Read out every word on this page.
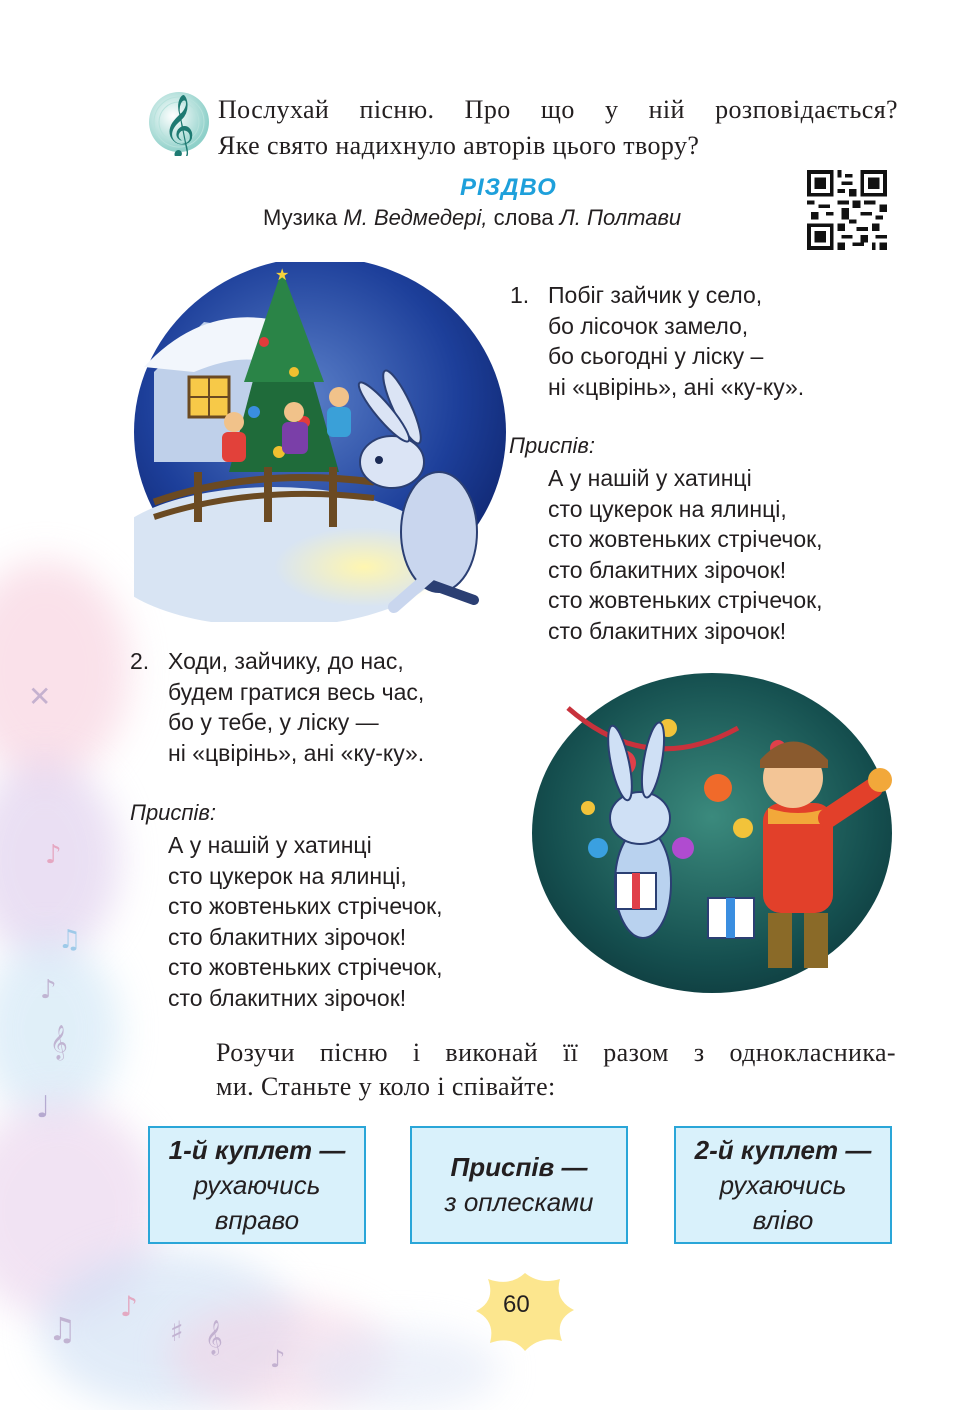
✕
♪
♫
♪
𝄞
♩
♫
♪
♯ 𝄞
♪
𝄞 Послухай пісню. Про що у ній розповідається?
Яке свято надихнуло авторів цього твору?
РІЗДВО
Музика М. Ведмедері, слова Л. Полтави
★
1. Побіг зайчик у село,
бо лісочок замело,
бо сьогодні у ліску –
ні «цвірінь», ані «ку-ку».
Приспів:
А у нашій у хатинці
сто цукерок на ялинці,
сто жовтеньких стрічечок,
сто блакитних зірочок!
сто жовтеньких стрічечок,
сто блакитних зірочок!
2. Ходи, зайчику, до нас,
будем гратися весь час,
бо у тебе, у ліску —
ні «цвірінь», ані «ку-ку».
Приспів:
А у нашій у хатинці
сто цукерок на ялинці,
сто жовтеньких стрічечок,
сто блакитних зірочок!
сто жовтеньких стрічечок,
сто блакитних зірочок!
Розучи пісню і виконай її разом з однокласника-
ми. Станьте у коло і співайте:
1-й куплет —
рухаючись
вправо
Приспів —
з оплесками
2-й куплет —
рухаючись
вліво
60
